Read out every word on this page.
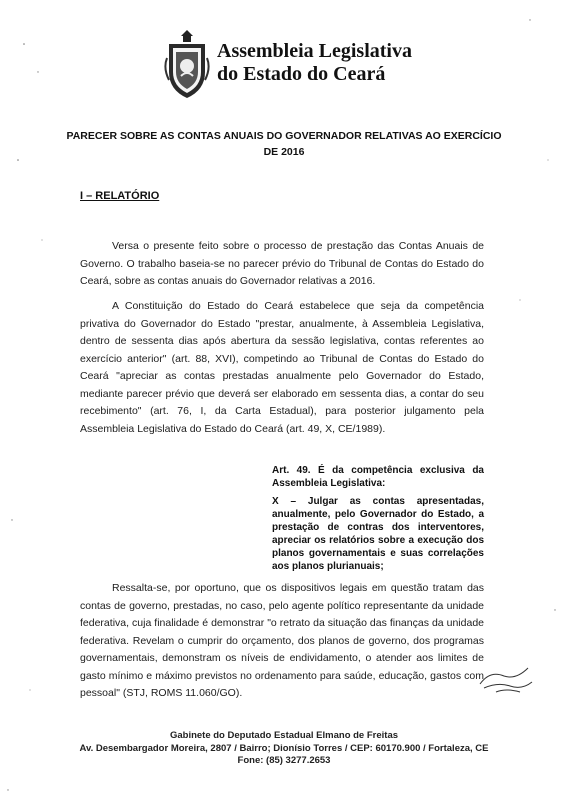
Assembleia Legislativa
do Estado do Ceará
PARECER SOBRE AS CONTAS ANUAIS DO GOVERNADOR RELATIVAS AO EXERCÍCIO
DE 2016
I – RELATÓRIO

Versa o presente feito sobre o processo de prestação das Contas Anuais de Governo. O trabalho baseia-se no parecer prévio do Tribunal de Contas do Estado do Ceará, sobre as contas anuais do Governador relativas a 2016.

A Constituição do Estado do Ceará estabelece que seja da competência privativa do Governador do Estado "prestar, anualmente, à Assembleia Legislativa, dentro de sessenta dias após abertura da sessão legislativa, contas referentes ao exercício anterior" (art. 88, XVI), competindo ao Tribunal de Contas do Estado do Ceará "apreciar as contas prestadas anualmente pelo Governador do Estado, mediante parecer prévio que deverá ser elaborado em sessenta dias, a contar do seu recebimento" (art. 76, I, da Carta Estadual), para posterior julgamento pela Assembleia Legislativa do Estado do Ceará (art. 49, X, CE/1989).

Art. 49. É da competência exclusiva da Assembleia Legislativa:
X – Julgar as contas apresentadas, anualmente, pelo Governador do Estado, a prestação de contras dos interventores, apreciar os relatórios sobre a execução dos planos governamentais e suas correlações aos planos plurianuais;

Ressalta-se, por oportuno, que os dispositivos legais em questão tratam das contas de governo, prestadas, no caso, pelo agente político representante da unidade federativa, cuja finalidade é demonstrar "o retrato da situação das finanças da unidade federativa. Revelam o cumprir do orçamento, dos planos de governo, dos programas governamentais, demonstram os níveis de endividamento, o atender aos limites de gasto mínimo e máximo previstos no ordenamento para saúde, educação, gastos com pessoal" (STJ, ROMS 11.060/GO).

Gabinete do Deputado Estadual Elmano de Freitas
Av. Desembargador Moreira, 2807 / Bairro; Dionísio Torres / CEP: 60170.900 / Fortaleza, CE
Fone: (85) 3277.2653
